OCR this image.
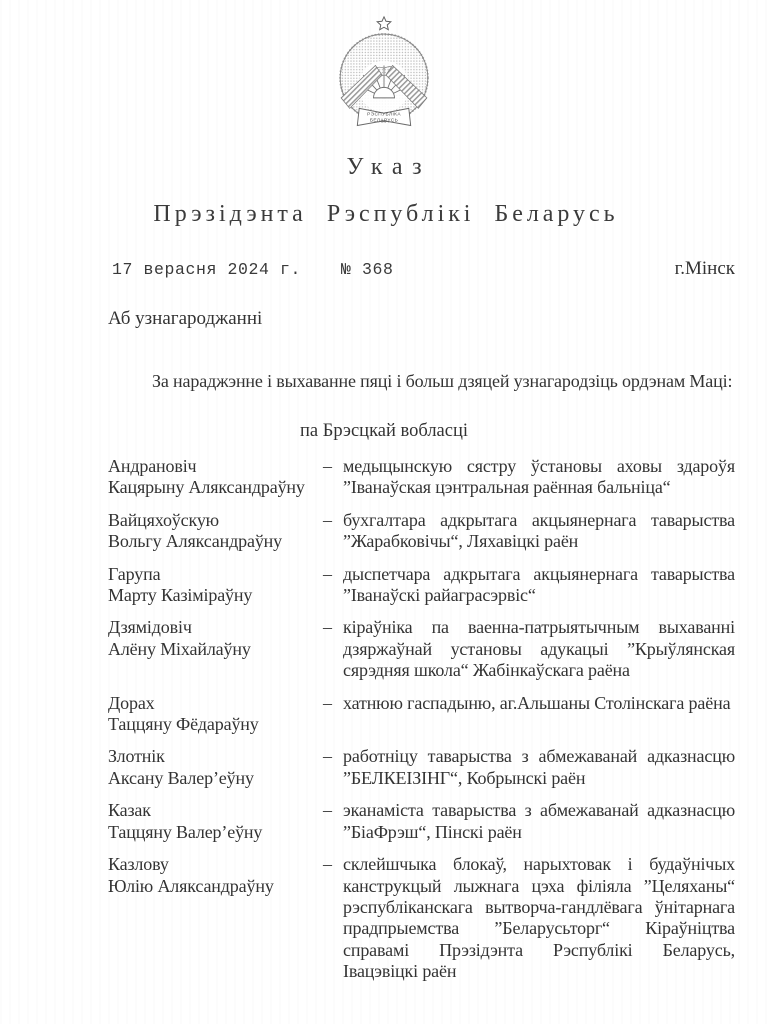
РЭСПУБЛІКА
БЕЛАРУСЬ
Указ
Прэзідэнта Рэспублікі Беларусь
17 верасня 2024 г. № 368	г.Мінск
Аб узнагароджанні

За нараджэнне і выхаванне пяці і больш дзяцей узнагародзіць ордэнам Маці:

па Брэсцкай вобласці
Андрановіч
Кацярыну Аляксандраўну
– медыцынскую сястру ўстановы аховы здароўя ”Іванаўская цэнтральная раённая бальніца“
Вайцяхоўскую
Вольгу Аляксандраўну
– бухгалтара адкрытага акцыянернага таварыства ”Жарабковічы“, Ляхавіцкі раён
Гарупа
Марту Казіміраўну
– дыспетчара адкрытага акцыянернага таварыства ”Іванаўскі райаграсэрвіс“
Дзямідовіч
Алёну Міхайлаўну
– кіраўніка па ваенна-патрыятычным выхаванні дзяржаўнай установы адукацыі ”Крыўлянская сярэдняя школа“ Жабінкаўскага раёна
Дорах
Таццяну Фёдараўну
– хатнюю гаспадыню, аг.Альшаны Столінскага раёна
Злотнік
Аксану Валер’еўну
– работніцу таварыства з абмежаванай адказнасцю ”БЕЛКЕІЗІНГ“, Кобрынскі раён
Казак
Таццяну Валер’еўну
– эканаміста таварыства з абмежаванай адказнасцю ”БіаФрэш“, Пінскі раён
Казлову
Юлію Аляксандраўну
– склейшчыка блокаў, нарыхтовак і будаўнічых канструкцый лыжнага цэха філіяла ”Целяханы“ рэспубліканскага вытворча-гандлёвага ўнітарнага прадпрыемства ”Беларусьторг“ Кіраўніцтва справамі Прэзідэнта Рэспублікі Беларусь, Івацэвіцкі раён
